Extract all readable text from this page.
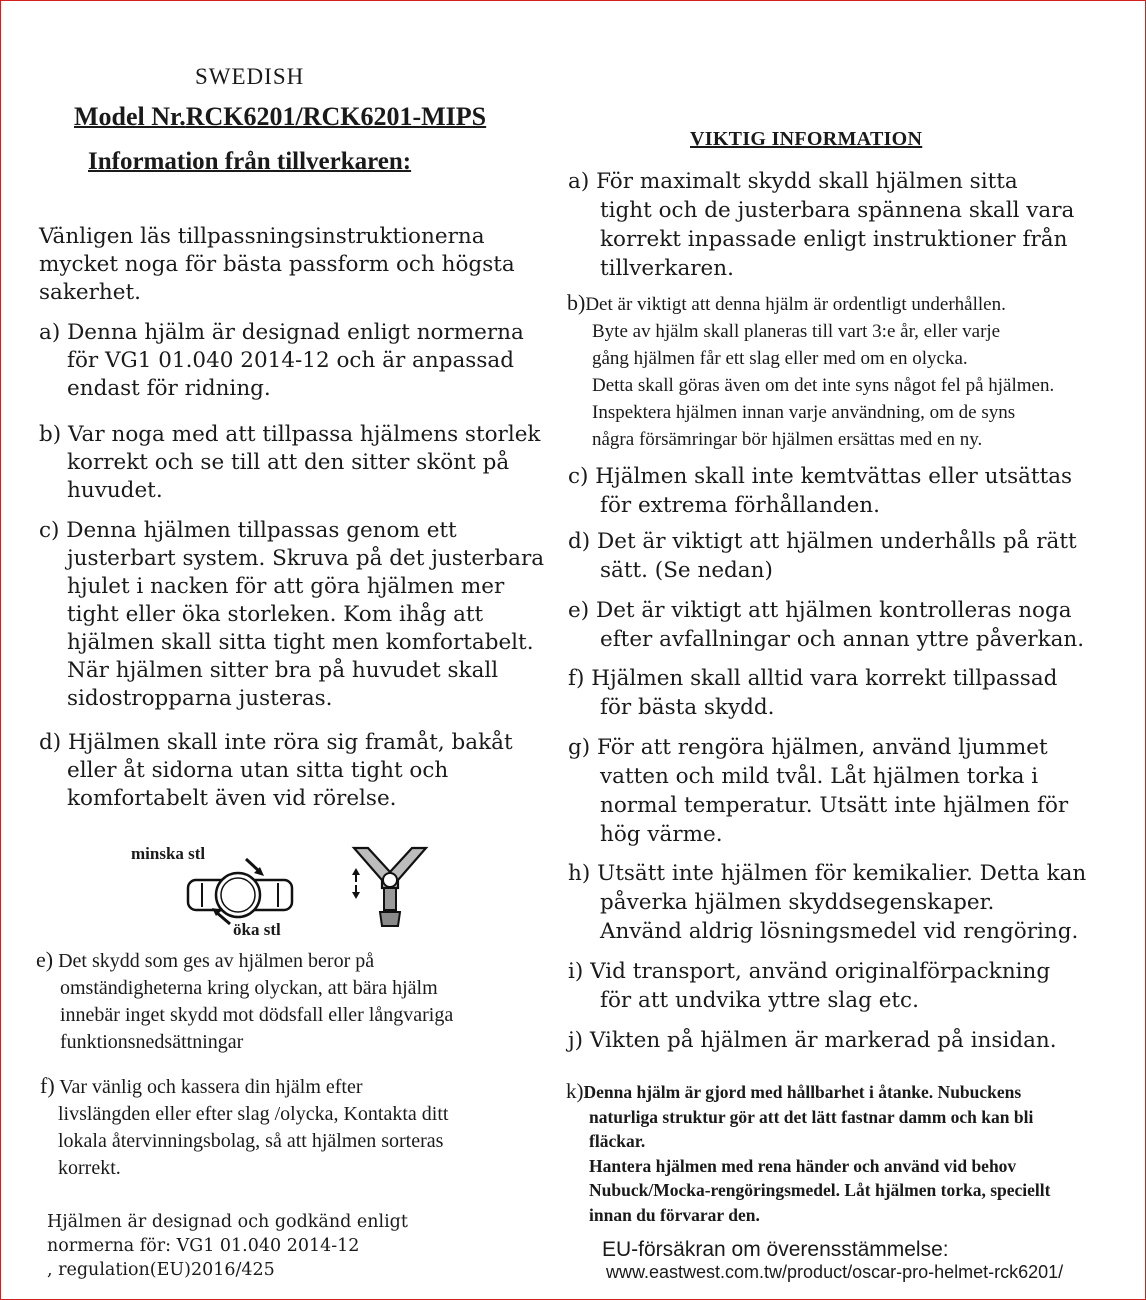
SWEDISH
Model Nr.RCK6201/RCK6201-MIPS
Information från tillverkaren:
Vänligen läs tillpassningsinstruktionerna
mycket noga för bästa passform och högsta
sakerhet.
a) Denna hjälm är designad enligt normerna
för VG1 01.040 2014-12 och är anpassad
endast för ridning.
b) Var noga med att tillpassa hjälmens storlek
korrekt och se till att den sitter skönt på
huvudet.
c) Denna hjälmen tillpassas genom ett
justerbart system. Skruva på det justerbara
hjulet i nacken för att göra hjälmen mer
tight eller öka storleken. Kom ihåg att
hjälmen skall sitta tight men komfortabelt.
När hjälmen sitter bra på huvudet skall
sidostropparna justeras.
d) Hjälmen skall inte röra sig framåt, bakåt
eller åt sidorna utan sitta tight och
komfortabelt även vid rörelse.
minska stl
öka stl
e) Det skydd som ges av hjälmen beror på
omständigheterna kring olyckan, att bära hjälm
innebär inget skydd mot dödsfall eller långvariga
funktionsnedsättningar
f) Var vänlig och kassera din hjälm efter
livslängden eller efter slag /olycka, Kontakta ditt
lokala återvinningsbolag, så att hjälmen sorteras
korrekt.
Hjälmen är designad och godkänd enligt
normerna för: VG1 01.040 2014-12
, regulation(EU)2016/425
VIKTIG INFORMATION
a) För maximalt skydd skall hjälmen sitta
tight och de justerbara spännena skall vara
korrekt inpassade enligt instruktioner från
tillverkaren.
b)Det är viktigt att denna hjälm är ordentligt underhållen.
Byte av hjälm skall planeras till vart 3:e år, eller varje
gång hjälmen får ett slag eller med om en olycka.
Detta skall göras även om det inte syns något fel på hjälmen.
Inspektera hjälmen innan varje användning, om de syns
några försämringar bör hjälmen ersättas med en ny.
c) Hjälmen skall inte kemtvättas eller utsättas
för extrema förhållanden.
d) Det är viktigt att hjälmen underhålls på rätt
sätt. (Se nedan)
e) Det är viktigt att hjälmen kontrolleras noga
efter avfallningar och annan yttre påverkan.
f) Hjälmen skall alltid vara korrekt tillpassad
för bästa skydd.
g) För att rengöra hjälmen, använd ljummet
vatten och mild tvål. Låt hjälmen torka i
normal temperatur. Utsätt inte hjälmen för
hög värme.
h) Utsätt inte hjälmen för kemikalier. Detta kan
påverka hjälmen skyddsegenskaper.
Använd aldrig lösningsmedel vid rengöring.
i) Vid transport, använd originalförpackning
för att undvika yttre slag etc.
j) Vikten på hjälmen är markerad på insidan.
k)Denna hjälm är gjord med hållbarhet i åtanke. Nubuckens
naturliga struktur gör att det lätt fastnar damm och kan bli
fläckar.
Hantera hjälmen med rena händer och använd vid behov
Nubuck/Mocka-rengöringsmedel. Låt hjälmen torka, speciellt
innan du förvarar den.
EU-försäkran om överensstämmelse:
www.eastwest.com.tw/product/oscar-pro-helmet-rck6201/
